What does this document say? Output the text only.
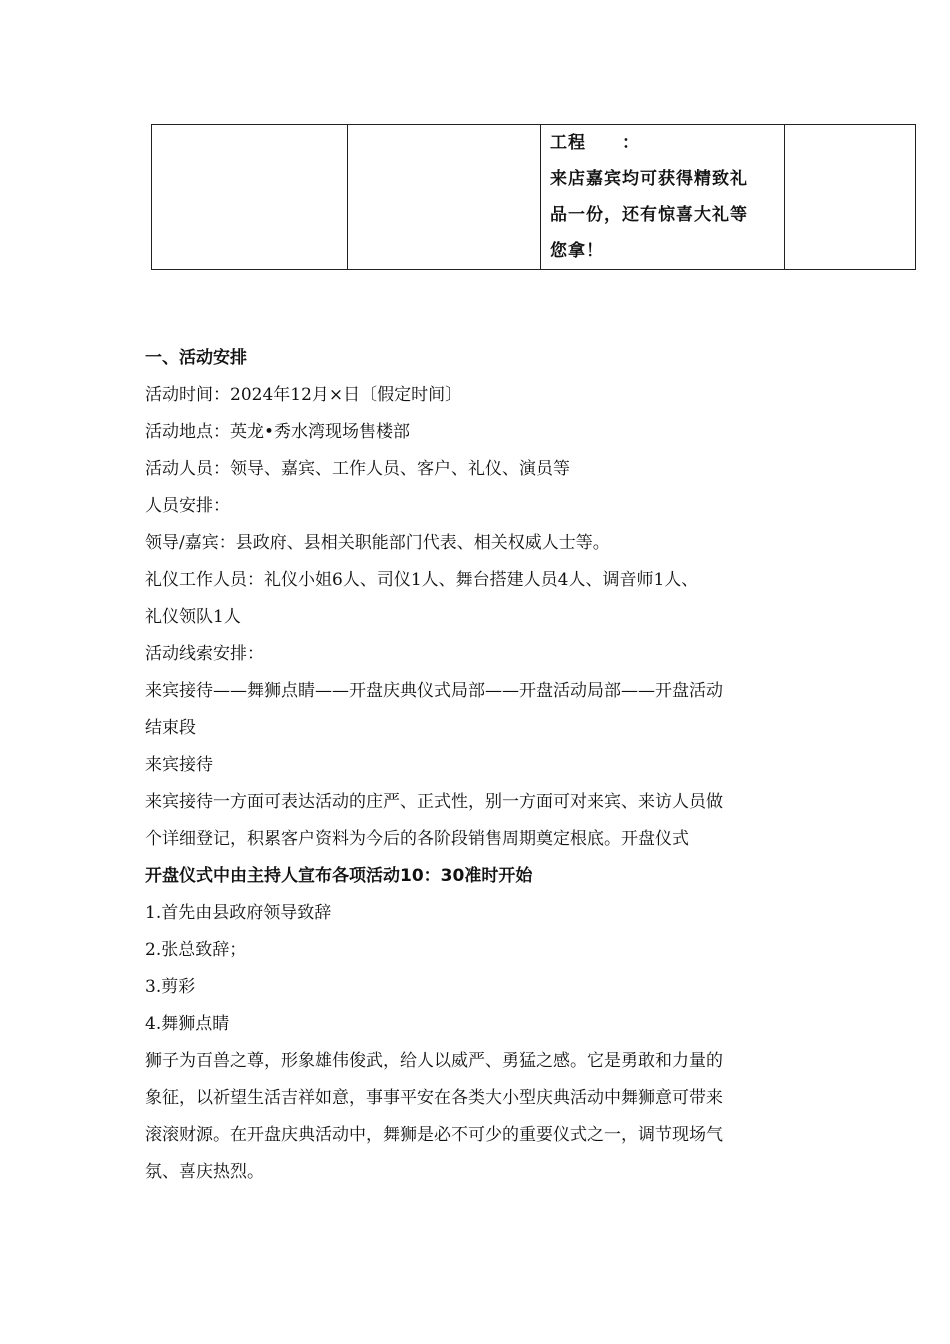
工程　　：
来店嘉宾均可获得精致礼
品一份，还有惊喜大礼等
您拿！

一、活动安排
活动时间：2024年12月×日〔假定时间〕
活动地点：英龙•秀水湾现场售楼部
活动人员：领导、嘉宾、工作人员、客户、礼仪、演员等
人员安排：
领导/嘉宾：县政府、县相关职能部门代表、相关权威人士等。
礼仪工作人员：礼仪小姐6人、司仪1人、舞台搭建人员4人、调音师1人、
礼仪领队1人
活动线索安排：
来宾接待——舞狮点睛——开盘庆典仪式局部——开盘活动局部——开盘活动
结束段
来宾接待
来宾接待一方面可表达活动的庄严、正式性，别一方面可对来宾、来访人员做
个详细登记，积累客户资料为今后的各阶段销售周期奠定根底。开盘仪式
开盘仪式中由主持人宣布各项活动10：30准时开始
1.首先由县政府领导致辞
2.张总致辞；
3.剪彩
4.舞狮点睛
狮子为百兽之尊，形象雄伟俊武，给人以威严、勇猛之感。它是勇敢和力量的
象征，以祈望生活吉祥如意，事事平安在各类大小型庆典活动中舞狮意可带来
滚滚财源。在开盘庆典活动中，舞狮是必不可少的重要仪式之一，调节现场气
氛、喜庆热烈。
